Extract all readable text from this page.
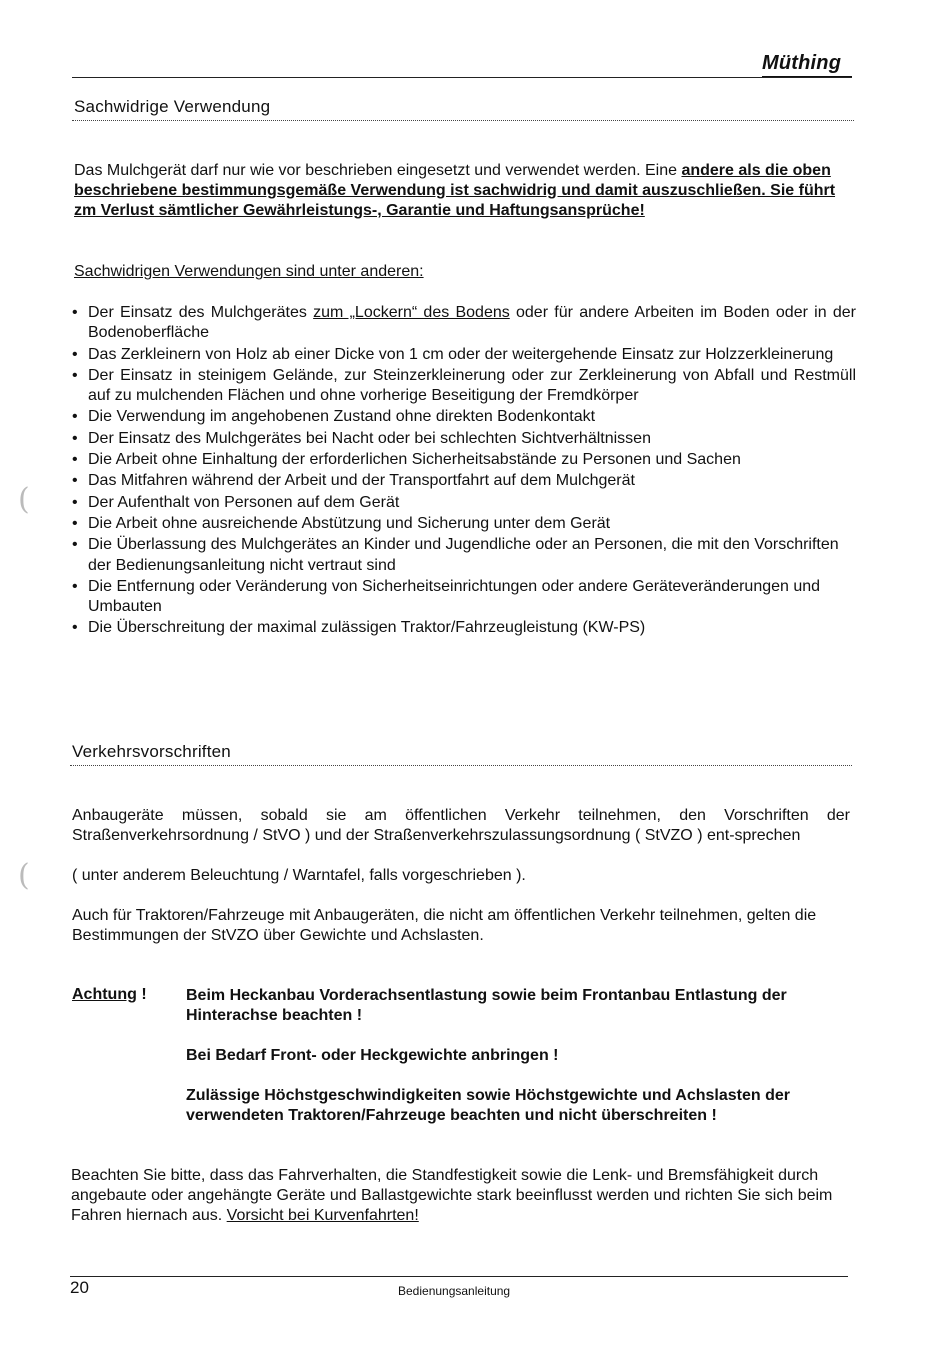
Müthing
Sachwidrige Verwendung

Das Mulchgerät darf nur wie vor beschrieben eingesetzt und verwendet werden. Eine andere als die oben beschriebene bestimmungsgemäße Verwendung ist sachwidrig und damit auszuschließen. Sie führt zm Verlust sämtlicher Gewährleistungs-, Garantie und Haftungsansprüche!

Sachwidrigen Verwendungen sind unter anderen:

• Der Einsatz des Mulchgerätes zum „Lockern“ des Bodens oder für andere Arbeiten im Boden oder in der Bodenoberfläche
• Das Zerkleinern von Holz ab einer Dicke von 1 cm oder der weitergehende Einsatz zur Holzzerkleinerung
• Der Einsatz in steinigem Gelände, zur Steinzerkleinerung oder zur Zerkleinerung von Abfall und Restmüll auf zu mulchenden Flächen und ohne vorherige Beseitigung der Fremdkörper
• Die Verwendung im angehobenen Zustand ohne direkten Bodenkontakt
• Der Einsatz des Mulchgerätes bei Nacht oder bei schlechten Sichtverhältnissen
• Die Arbeit ohne Einhaltung der erforderlichen Sicherheitsabstände zu Personen und Sachen
• Das Mitfahren während der Arbeit und der Transportfahrt auf dem Mulchgerät
• Der Aufenthalt von Personen auf dem Gerät
• Die Arbeit ohne ausreichende Abstützung und Sicherung unter dem Gerät
• Die Überlassung des Mulchgerätes an Kinder und Jugendliche oder an Personen, die mit den Vorschriften der Bedienungsanleitung nicht vertraut sind
• Die Entfernung oder Veränderung von Sicherheitseinrichtungen oder andere Geräteveränderungen und Umbauten
• Die Überschreitung der maximal zulässigen Traktor/Fahrzeugleistung (KW-PS)
Verkehrsvorschriften

Anbaugeräte müssen, sobald sie am öffentlichen Verkehr teilnehmen, den Vorschriften der Straßenverkehrsordnung / StVO ) und der Straßenverkehrszulassungsordnung ( StVZO ) ent-sprechen

( unter anderem Beleuchtung / Warntafel, falls vorgeschrieben ).

Auch für Traktoren/Fahrzeuge mit Anbaugeräten, die nicht am öffentlichen Verkehr teilnehmen, gelten die Bestimmungen der StVZO über Gewichte und Achslasten.

Achtung ! Beim Heckanbau Vorderachsentlastung sowie beim Frontanbau Entlastung der Hinterachse beachten !

Bei Bedarf Front- oder Heckgewichte anbringen !

Zulässige Höchstgeschwindigkeiten sowie Höchstgewichte und Achslasten der verwendeten Traktoren/Fahrzeuge beachten und nicht überschreiten !

Beachten Sie bitte, dass das Fahrverhalten, die Standfestigkeit sowie die Lenk- und Bremsfähigkeit durch angebaute oder angehängte Geräte und Ballastgewichte stark beeinflusst werden und richten Sie sich beim Fahren hiernach aus. Vorsicht bei Kurvenfahrten!

20	Bedienungsanleitung
(
(
